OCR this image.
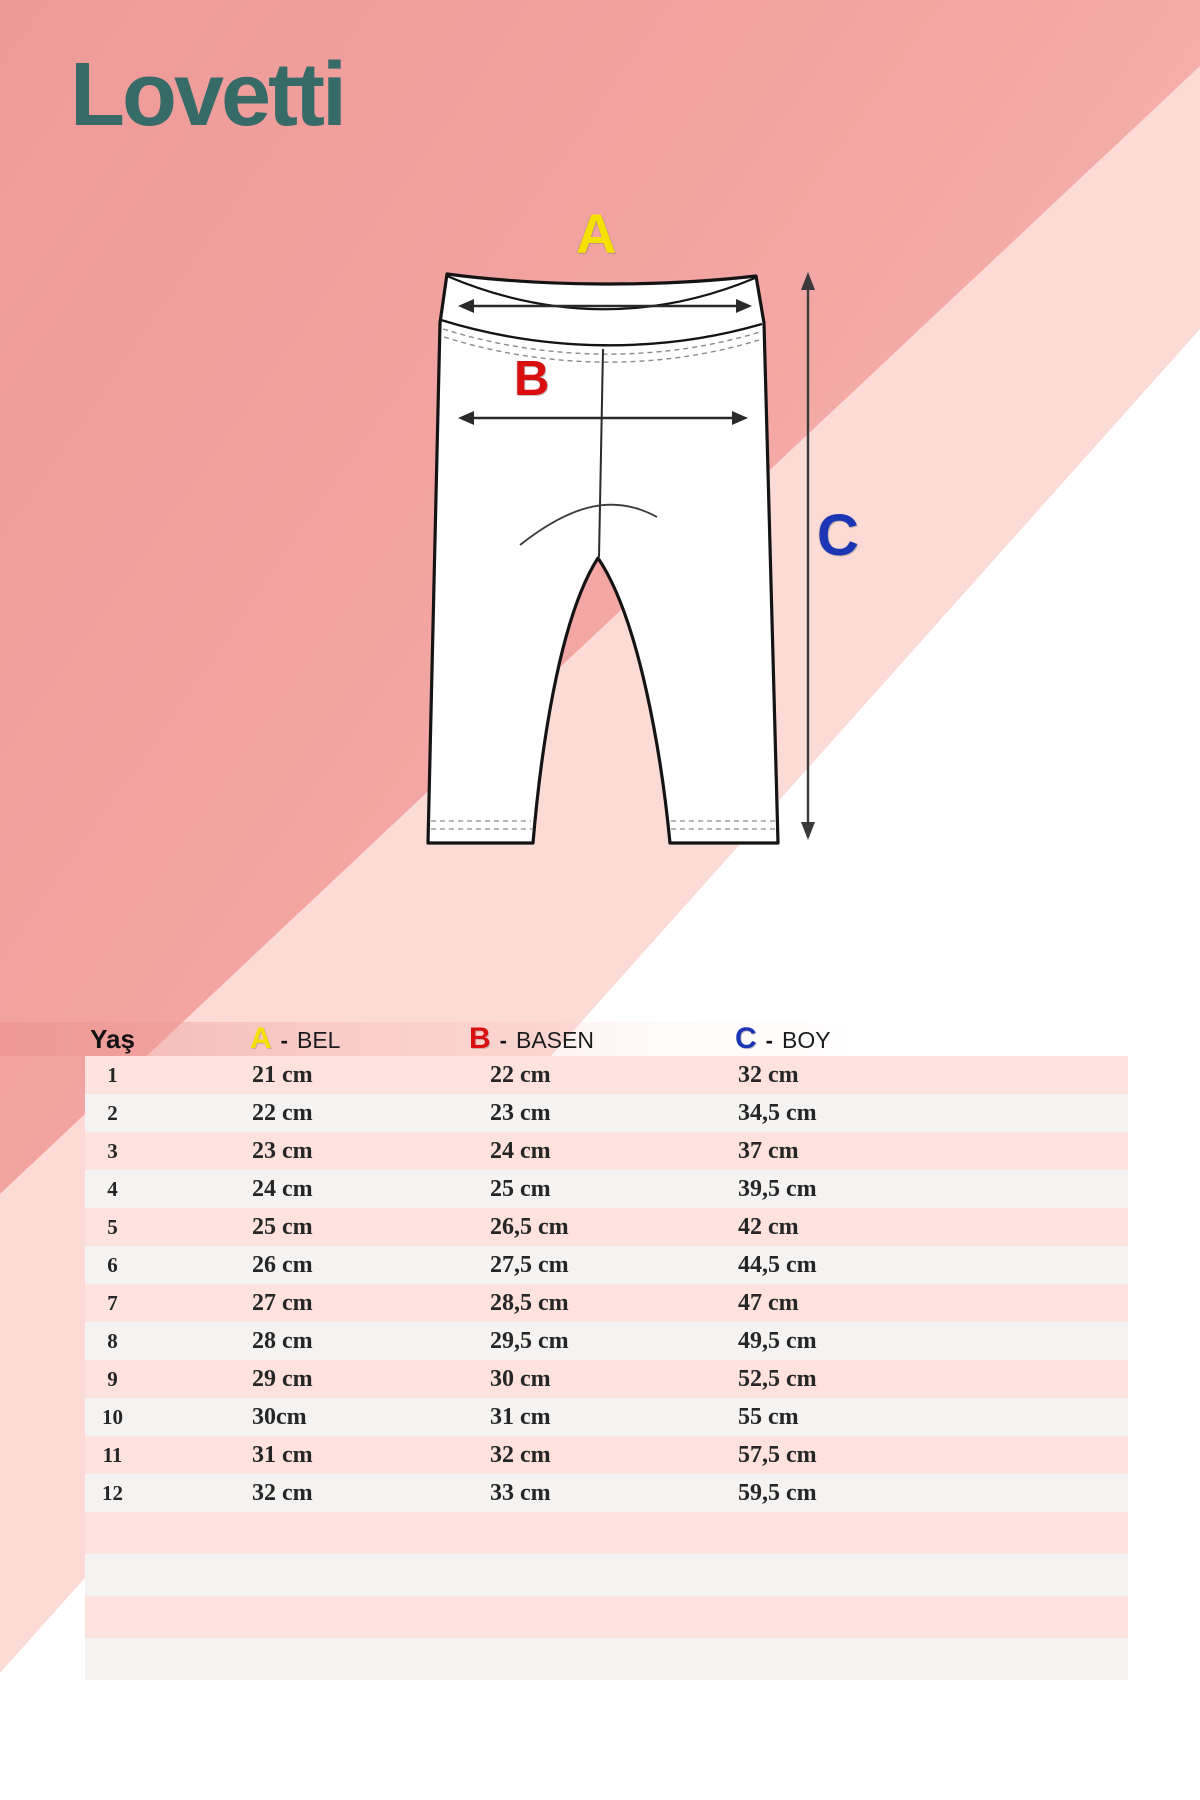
Lovetti
A
B
C
Yaş	A - BEL	B - BASEN	C - BOY
1	21 cm	22 cm	32 cm
2	22 cm	23 cm	34,5 cm
3	23 cm	24 cm	37 cm
4	24 cm	25 cm	39,5 cm
5	25 cm	26,5 cm	42 cm
6	26 cm	27,5 cm	44,5 cm
7	27 cm	28,5 cm	47 cm
8	28 cm	29,5 cm	49,5 cm
9	29 cm	30 cm	52,5 cm
10	30cm	31 cm	55 cm
11	31 cm	32 cm	57,5 cm
12	32 cm	33 cm	59,5 cm
